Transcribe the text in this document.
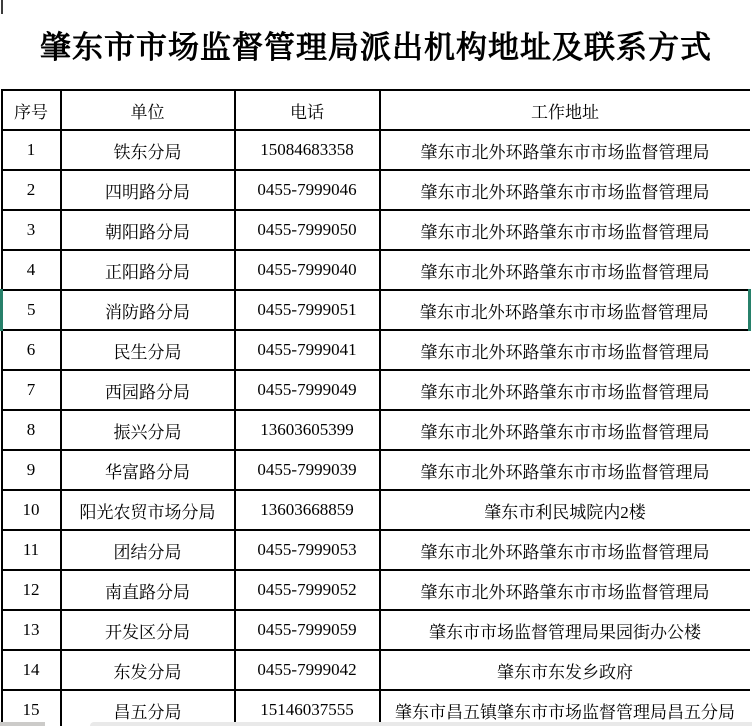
肇东市市场监督管理局派出机构地址及联系方式
序号	单位	电话	工作地址
1	铁东分局	15084683358	肇东市北外环路肇东市市场监督管理局
2	四明路分局	0455-7999046	肇东市北外环路肇东市市场监督管理局
3	朝阳路分局	0455-7999050	肇东市北外环路肇东市市场监督管理局
4	正阳路分局	0455-7999040	肇东市北外环路肇东市市场监督管理局
5	消防路分局	0455-7999051	肇东市北外环路肇东市市场监督管理局
6	民生分局	0455-7999041	肇东市北外环路肇东市市场监督管理局
7	西园路分局	0455-7999049	肇东市北外环路肇东市市场监督管理局
8	振兴分局	13603605399	肇东市北外环路肇东市市场监督管理局
9	华富路分局	0455-7999039	肇东市北外环路肇东市市场监督管理局
10	阳光农贸市场分局	13603668859	肇东市利民城院内2楼
11	团结分局	0455-7999053	肇东市北外环路肇东市市场监督管理局
12	南直路分局	0455-7999052	肇东市北外环路肇东市市场监督管理局
13	开发区分局	0455-7999059	肇东市市场监督管理局果园街办公楼
14	东发分局	0455-7999042	肇东市东发乡政府
15	昌五分局	15146037555	肇东市昌五镇肇东市市场监督管理局昌五分局
